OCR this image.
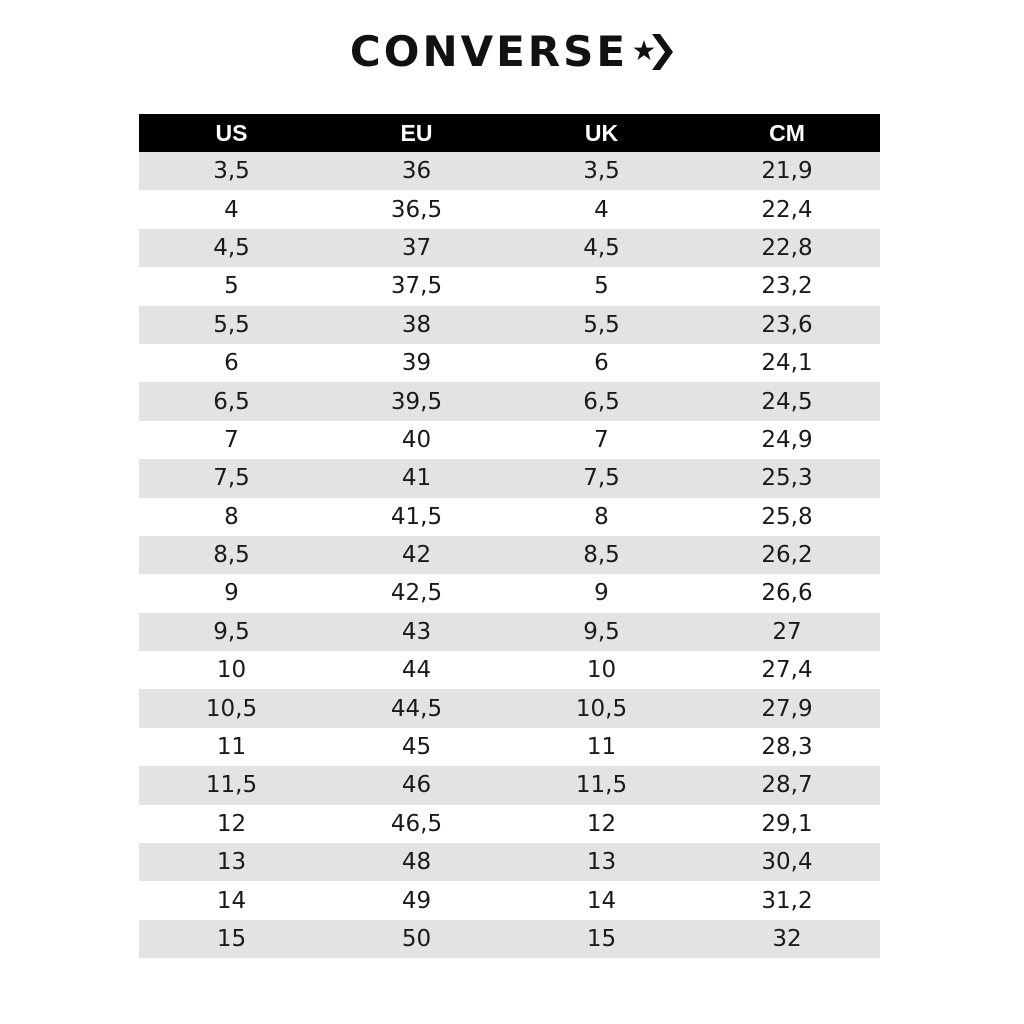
CONVERSE
US	EU	UK	CM
3,5	36	3,5	21,9
4	36,5	4	22,4
4,5	37	4,5	22,8
5	37,5	5	23,2
5,5	38	5,5	23,6
6	39	6	24,1
6,5	39,5	6,5	24,5
7	40	7	24,9
7,5	41	7,5	25,3
8	41,5	8	25,8
8,5	42	8,5	26,2
9	42,5	9	26,6
9,5	43	9,5	27
10	44	10	27,4
10,5	44,5	10,5	27,9
11	45	11	28,3
11,5	46	11,5	28,7
12	46,5	12	29,1
13	48	13	30,4
14	49	14	31,2
15	50	15	32
